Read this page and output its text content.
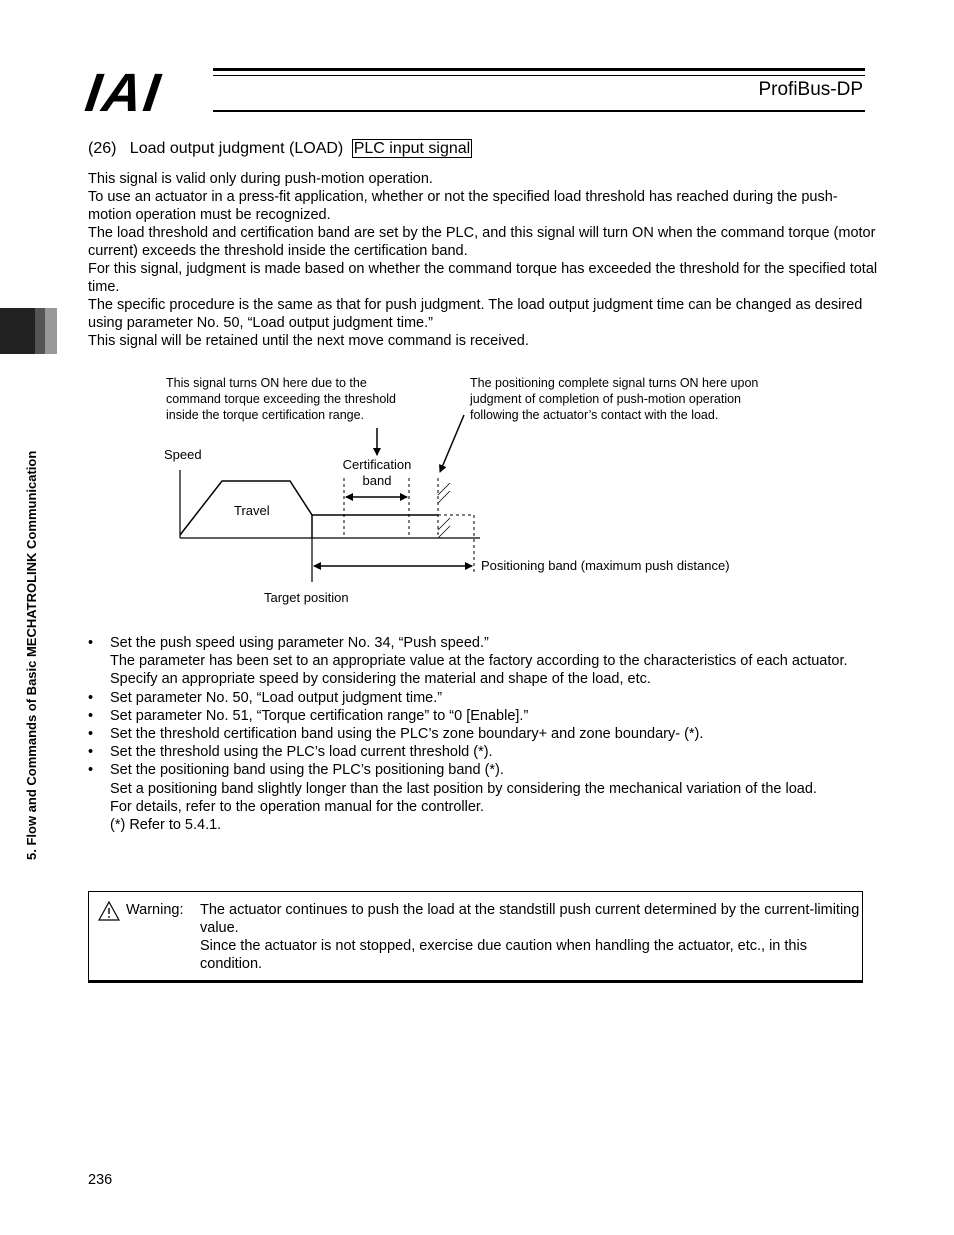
IAI	ProfiBus-DP
5. Flow and Commands of Basic MECHATROLINK Communication
(26) Load output judgment (LOAD) PLC input signal

This signal is valid only during push-motion operation.

To use an actuator in a press-fit application, whether or not the specified load threshold has reached during the push-motion operation must be recognized.

The load threshold and certification band are set by the PLC, and this signal will turn ON when the command torque (motor current) exceeds the threshold inside the certification band.

For this signal, judgment is made based on whether the command torque has exceeded the threshold for the specified total time.

The specific procedure is the same as that for push judgment. The load output judgment time can be changed as desired using parameter No. 50, “Load output judgment time.”

This signal will be retained until the next move command is received.

This signal turns ON here due to the
command torque exceeding the threshold
inside the torque certification range.
The positioning complete signal turns ON here upon
judgment of completion of push-motion operation
following the actuator’s contact with the load.
Speed
Certification
band
Travel
Positioning band (maximum push distance)
Target position
• Set the push speed using parameter No. 34, “Push speed.”
The parameter has been set to an appropriate value at the factory according to the characteristics of each actuator.
Specify an appropriate speed by considering the material and shape of the load, etc.
• Set parameter No. 50, “Load output judgment time.”
• Set parameter No. 51, “Torque certification range” to “0 [Enable].”
• Set the threshold certification band using the PLC’s zone boundary+ and zone boundary- (*).
• Set the threshold using the PLC’s load current threshold (*).
• Set the positioning band using the PLC’s positioning band (*).
Set a positioning band slightly longer than the last position by considering the mechanical variation of the load.
For details, refer to the operation manual for the controller.
(*) Refer to 5.4.1.
Warning: The actuator continues to push the load at the standstill push current determined by the current-limiting value.

Since the actuator is not stopped, exercise due caution when handling the actuator, etc., in this condition.

236
